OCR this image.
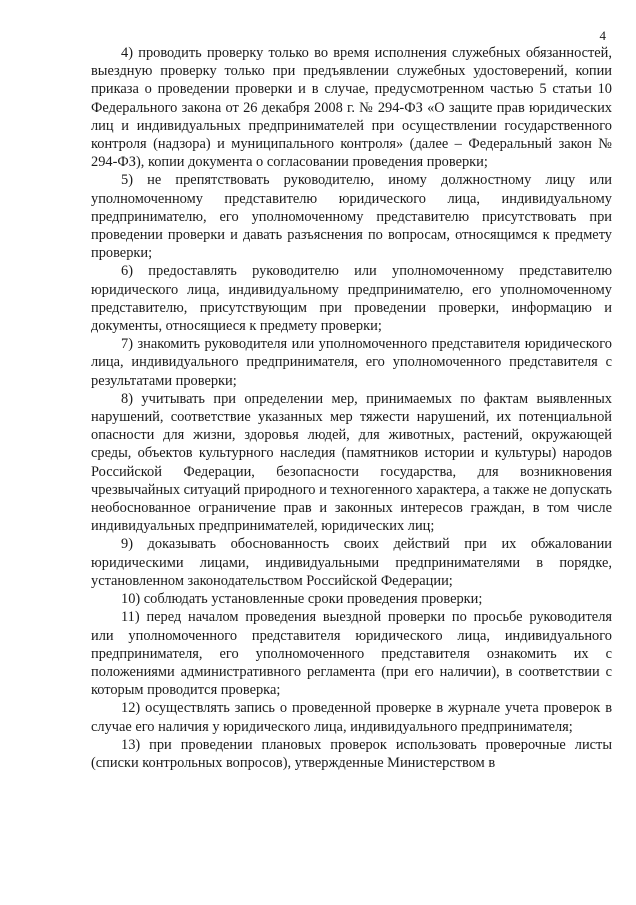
4

4) проводить проверку только во время исполнения служебных обязанностей, выездную проверку только при предъявлении служебных удостоверений, копии приказа о проведении проверки и в случае, предусмотренном частью 5 статьи 10 Федерального закона от 26 декабря 2008 г. № 294-ФЗ «О защите прав юридических лиц и индивидуальных предпринимателей при осуществлении государственного контроля (надзора) и муниципального контроля» (далее – Федеральный закон № 294-ФЗ), копии документа о согласовании проведения проверки;

5) не препятствовать руководителю, иному должностному лицу или уполномоченному представителю юридического лица, индивидуальному предпринимателю, его уполномоченному представителю присутствовать при проведении проверки и давать разъяснения по вопросам, относящимся к предмету проверки;

6) предоставлять руководителю или уполномоченному представителю юридического лица, индивидуальному предпринимателю, его уполномоченному представителю, присутствующим при проведении проверки, информацию и документы, относящиеся к предмету проверки;

7) знакомить руководителя или уполномоченного представителя юридического лица, индивидуального предпринимателя, его уполномоченного представителя с результатами проверки;

8) учитывать при определении мер, принимаемых по фактам выявленных нарушений, соответствие указанных мер тяжести нарушений, их потенциальной опасности для жизни, здоровья людей, для животных, растений, окружающей среды, объектов культурного наследия (памятников истории и культуры) народов Российской Федерации, безопасности государства, для возникновения чрезвычайных ситуаций природного и техногенного характера, а также не допускать необоснованное ограничение прав и законных интересов граждан, в том числе индивидуальных предпринимателей, юридических лиц;

9) доказывать обоснованность своих действий при их обжаловании юридическими лицами, индивидуальными предпринимателями в порядке, установленном законодательством Российской Федерации;

10) соблюдать установленные сроки проведения проверки;

11) перед началом проведения выездной проверки по просьбе руководителя или уполномоченного представителя юридического лица, индивидуального предпринимателя, его уполномоченного представителя ознакомить их с положениями административного регламента (при его наличии), в соответствии с которым проводится проверка;

12) осуществлять запись о проведенной проверке в журнале учета проверок в случае его наличия у юридического лица, индивидуального предпринимателя;

13) при проведении плановых проверок использовать проверочные листы (списки контрольных вопросов), утвержденные Министерством в
